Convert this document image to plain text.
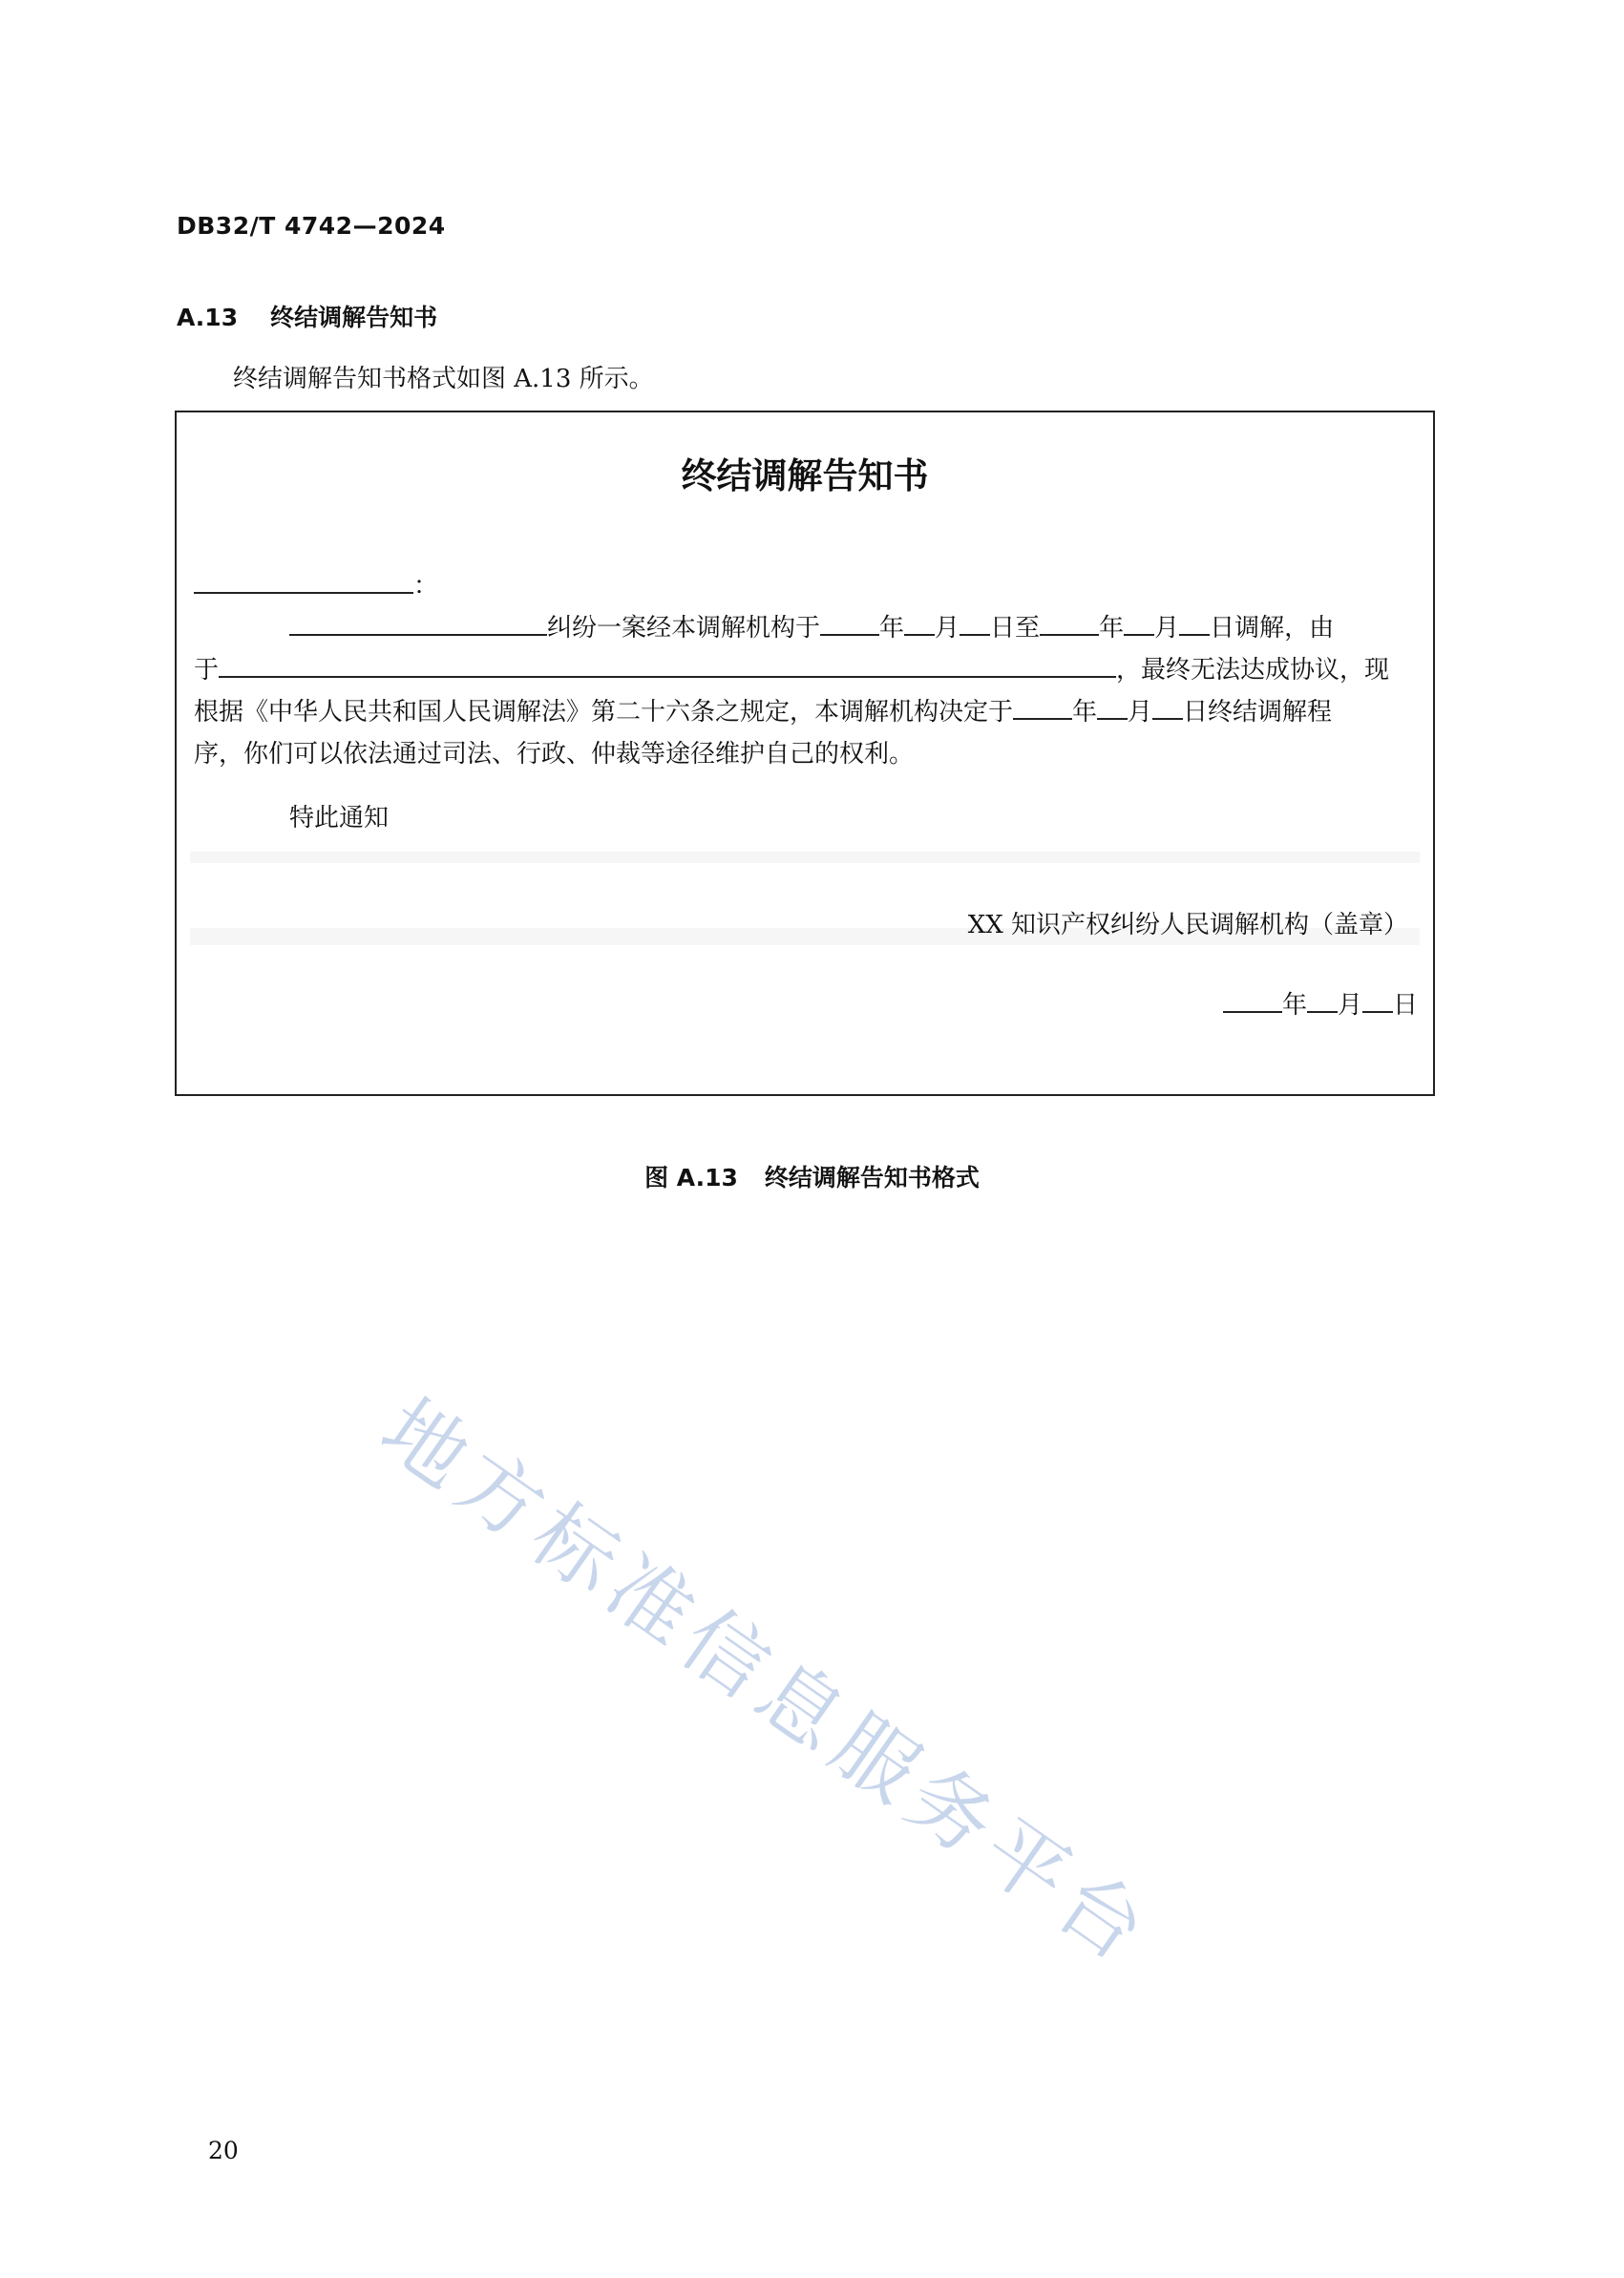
DB32/T 4742—2024
A.13 终结调解告知书
终结调解告知书格式如图 A.13 所示。
终结调解告知书
：
纠纷一案经本调解机构于 年 月 日至 年 月 日调解，由
于	，最终无法达成协议，现
根据《中华人民共和国人民调解法》第二十六条之规定，本调解机构决定于 年 月 日终结调解程
序，你们可以依法通过司法、行政、仲裁等途径维护自己的权利。
特此通知
XX 知识产权纠纷人民调解机构（盖章）
年 月 日
图 A.13 终结调解告知书格式
地方标准信息服务平台
20
